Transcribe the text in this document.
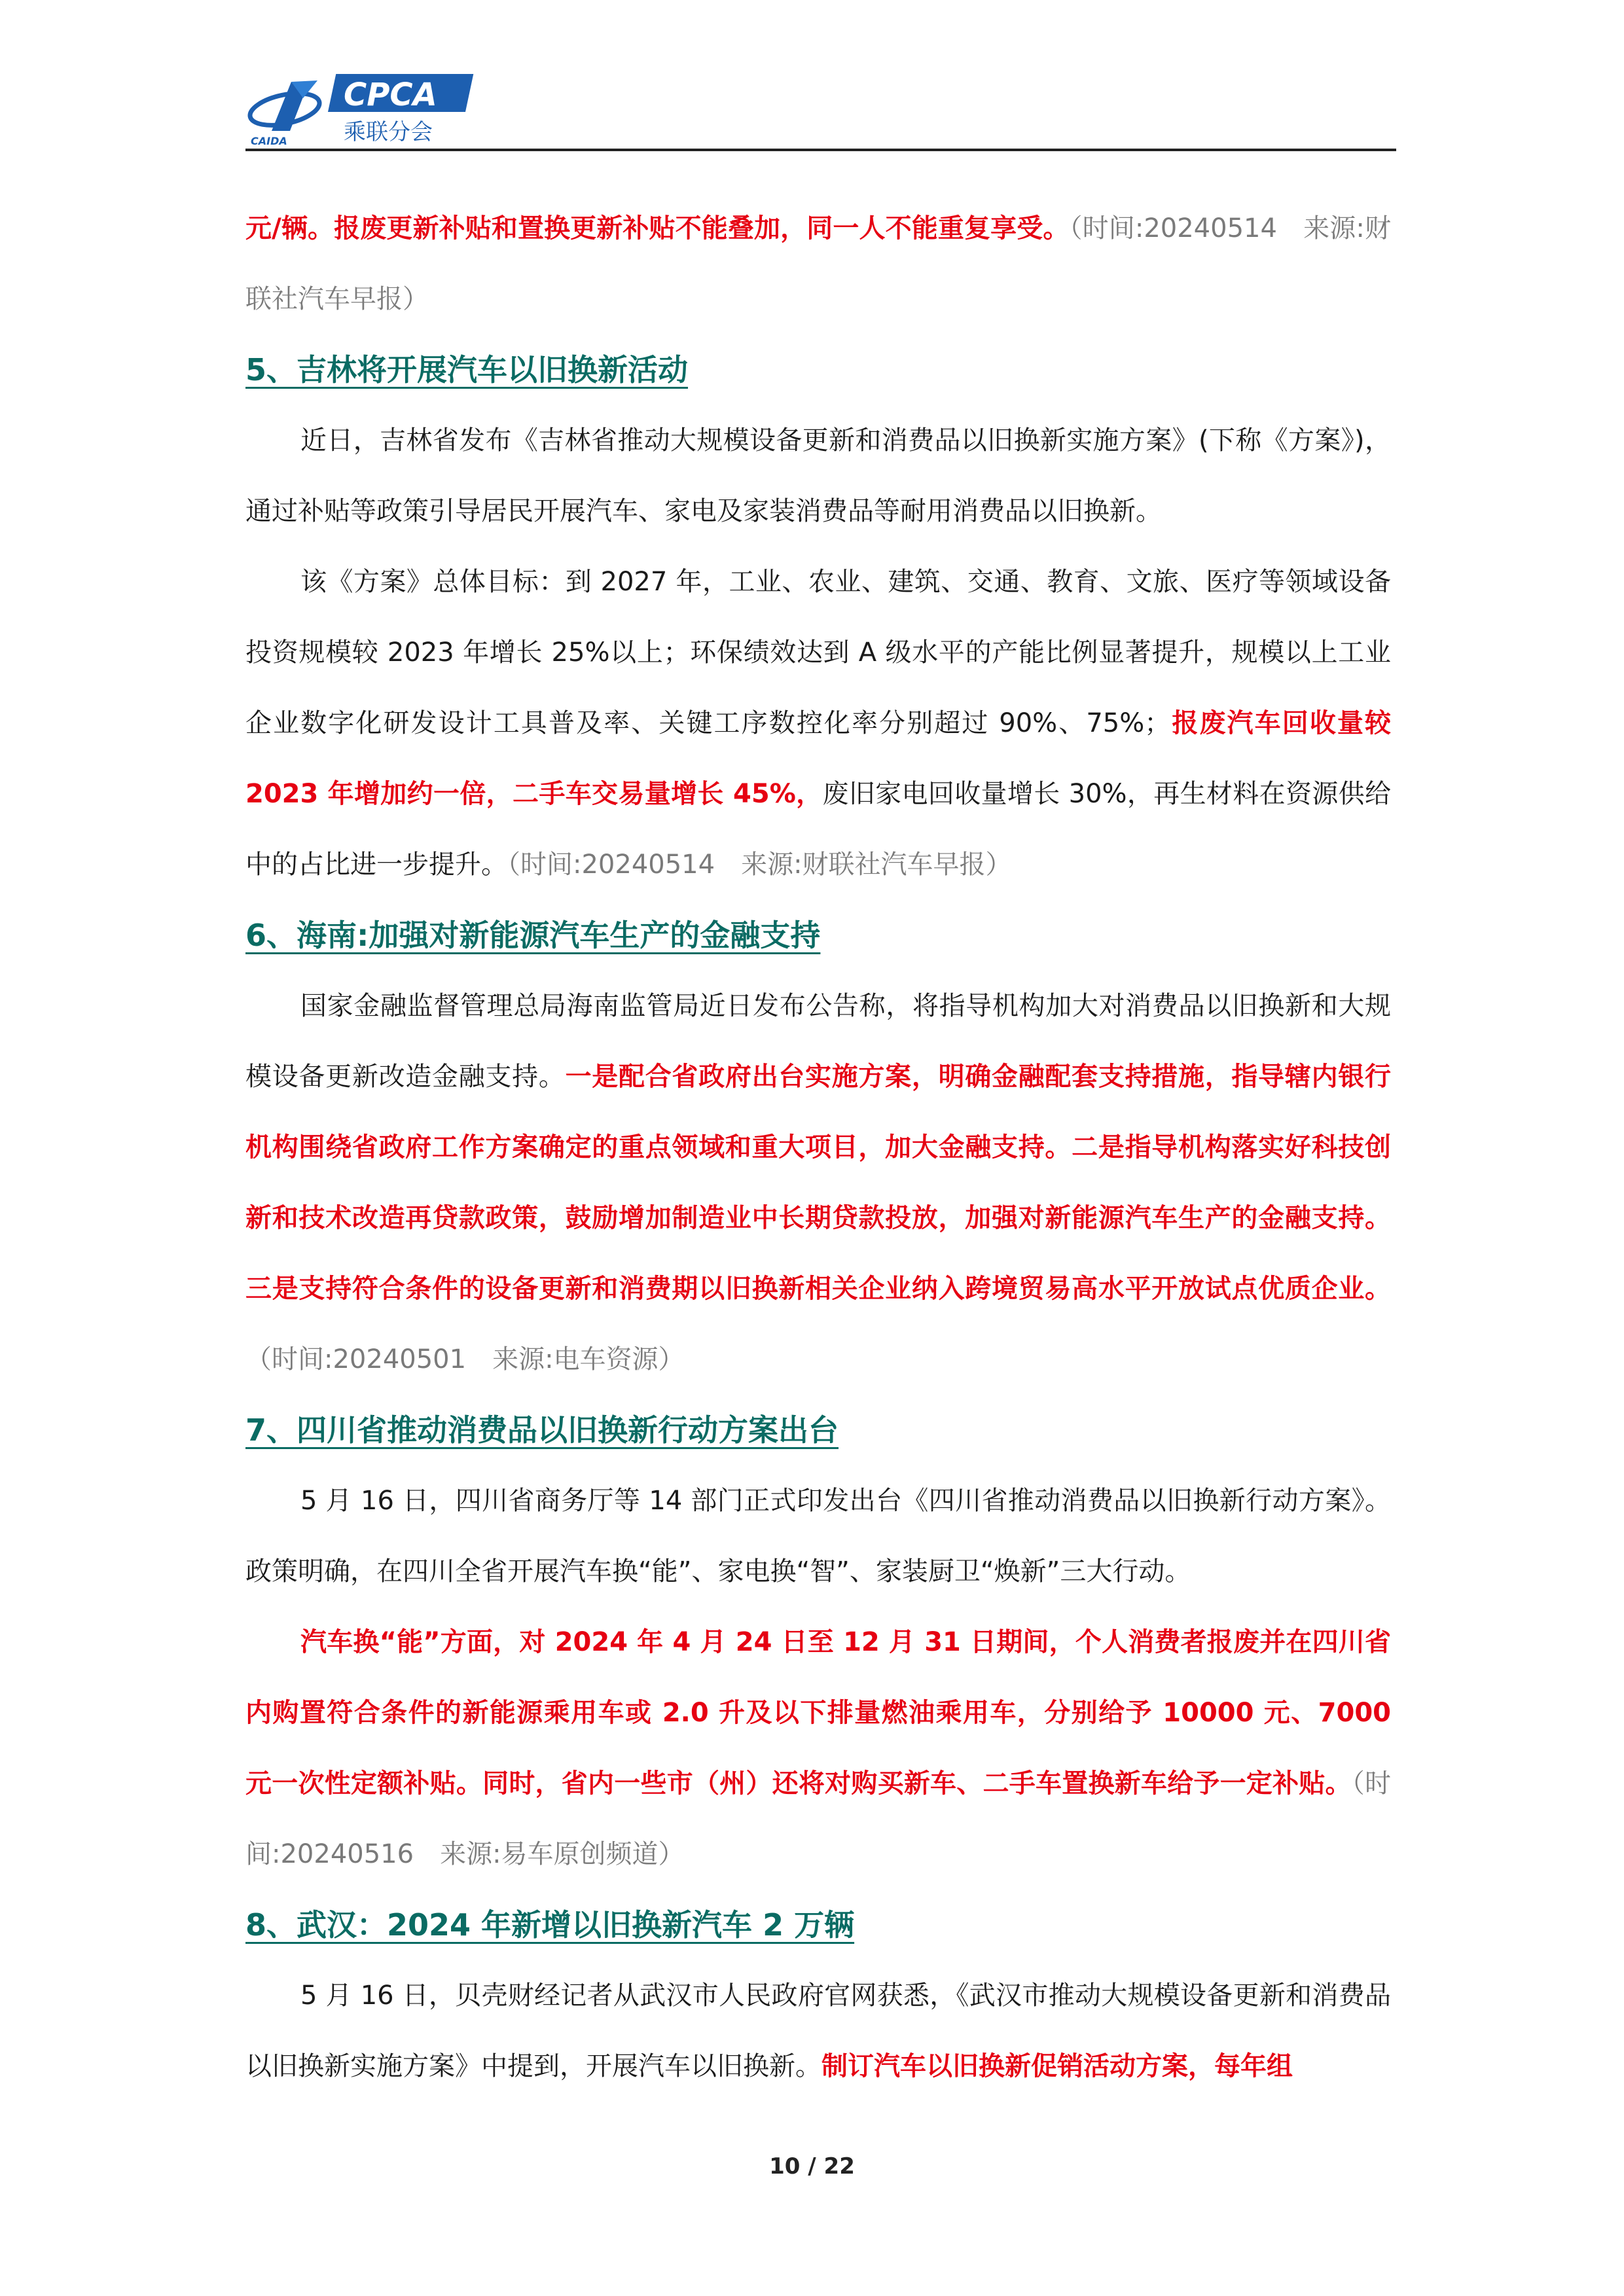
CAIDA
CPCA
乘联分会

元/辆。报废更新补贴和置换更新补贴不能叠加，同一人不能重复享受。（时间:20240514　来源:财联社汽车早报）

5、吉林将开展汽车以旧换新活动

近日，吉林省发布《吉林省推动大规模设备更新和消费品以旧换新实施方案》(下称《方案》)，通过补贴等政策引导居民开展汽车、家电及家装消费品等耐用消费品以旧换新。

该《方案》总体目标：到 2027 年，工业、农业、建筑、交通、教育、文旅、医疗等领域设备投资规模较 2023 年增长 25%以上；环保绩效达到 A 级水平的产能比例显著提升，规模以上工业企业数字化研发设计工具普及率、关键工序数控化率分别超过 90%、75%；报废汽车回收量较 2023 年增加约一倍，二手车交易量增长 45%，废旧家电回收量增长 30%，再生材料在资源供给中的占比进一步提升。（时间:20240514　来源:财联社汽车早报）

6、海南:加强对新能源汽车生产的金融支持

国家金融监督管理总局海南监管局近日发布公告称，将指导机构加大对消费品以旧换新和大规模设备更新改造金融支持。一是配合省政府出台实施方案，明确金融配套支持措施，指导辖内银行机构围绕省政府工作方案确定的重点领域和重大项目，加大金融支持。二是指导机构落实好科技创新和技术改造再贷款政策，鼓励增加制造业中长期贷款投放，加强对新能源汽车生产的金融支持。三是支持符合条件的设备更新和消费期以旧换新相关企业纳入跨境贸易高水平开放试点优质企业。（时间:20240501　来源:电车资源）

7、四川省推动消费品以旧换新行动方案出台

5 月 16 日，四川省商务厅等 14 部门正式印发出台《四川省推动消费品以旧换新行动方案》。政策明确，在四川全省开展汽车换“能”、家电换“智”、家装厨卫“焕新”三大行动。

汽车换“能”方面，对 2024 年 4 月 24 日至 12 月 31 日期间，个人消费者报废并在四川省内购置符合条件的新能源乘用车或 2.0 升及以下排量燃油乘用车，分别给予 10000 元、7000 元一次性定额补贴。同时，省内一些市（州）还将对购买新车、二手车置换新车给予一定补贴。（时间:20240516　来源:易车原创频道）

8、武汉：2024 年新增以旧换新汽车 2 万辆

5 月 16 日，贝壳财经记者从武汉市人民政府官网获悉，《武汉市推动大规模设备更新和消费品以旧换新实施方案》中提到，开展汽车以旧换新。制订汽车以旧换新促销活动方案，每年组

10 / 22
